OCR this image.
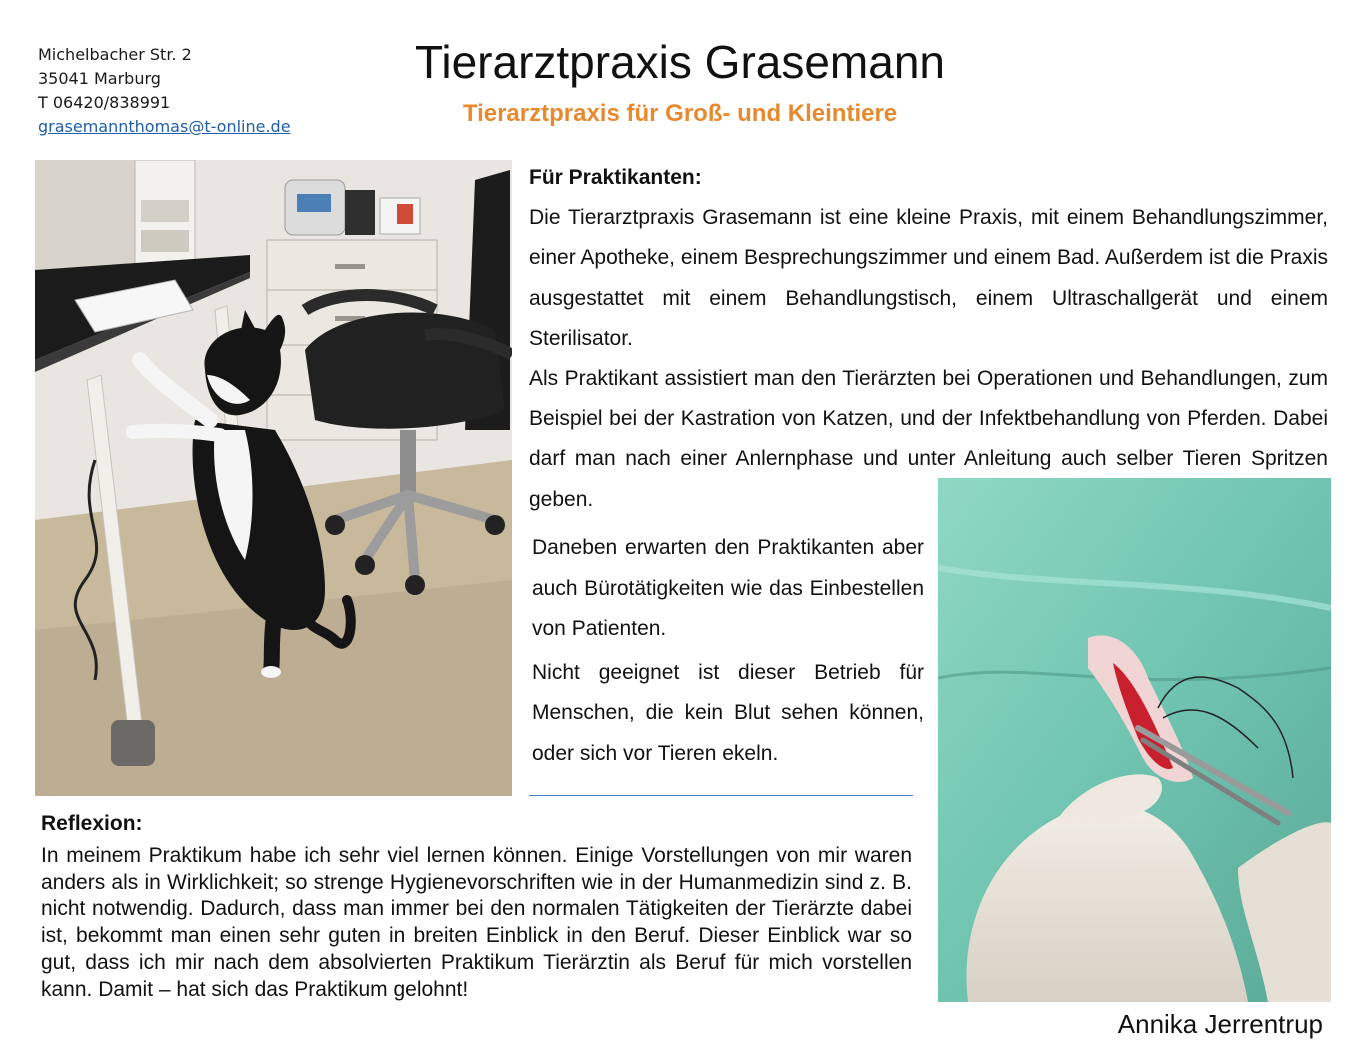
Michelbacher Str. 2
35041 Marburg
T 06420/838991
grasemannthomas@t-online.de
Tierarztpraxis Grasemann
Tierarztpraxis für Groß- und Kleintiere

Für Praktikanten:

Die Tierarztpraxis Grasemann ist eine kleine Praxis, mit einem Behandlungszimmer, einer Apotheke, einem Besprechungszimmer und einem Bad. Außerdem ist die Praxis ausgestattet mit einem Behandlungstisch, einem Ultraschallgerät und einem Sterilisator.

Als Praktikant assistiert man den Tierärzten bei Operationen und Behandlungen, zum Beispiel bei der Kastration von Katzen, und der Infektbehandlung von Pferden. Dabei darf man nach einer Anlernphase und unter Anleitung auch selber Tieren Spritzen geben.

Daneben erwarten den Praktikanten aber auch Bürotätigkeiten wie das Einbestellen von Patienten.

Nicht geeignet ist dieser Betrieb für Menschen, die kein Blut sehen können, oder sich vor Tieren ekeln.

Reflexion:

In meinem Praktikum habe ich sehr viel lernen können. Einige Vorstellungen von mir waren anders als in Wirklichkeit; so strenge Hygienevorschriften wie in der Humanmedizin sind z. B. nicht notwendig. Dadurch, dass man immer bei den normalen Tätigkeiten der Tierärzte dabei ist, bekommt man einen sehr guten in breiten Einblick in den Beruf. Dieser Einblick war so gut, dass ich mir nach dem absolvierten Praktikum Tierärztin als Beruf für mich vorstellen kann. Damit – hat sich das Praktikum gelohnt!

Annika Jerrentrup
